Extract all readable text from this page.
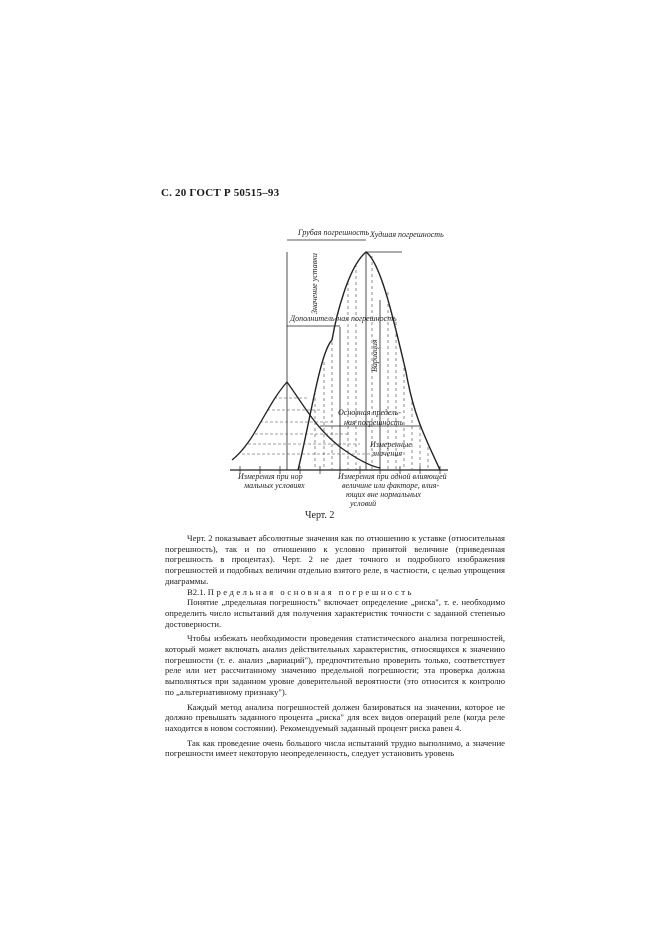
С. 20 ГОСТ Р 50515–93
Грубая погрешность Худшая погрешность
Значение уставки
Дополнитель-ная погрешность
Вариация
Основная предель-
ная погрешность
Измеренные
значения
Измерения при нор
мальных условиях
Измерения при одной влияющей
величине или факторе, влия-
ющих вне нормальных
условий
Черт. 2

Черт. 2 показывает абсолютные значения как по отношению к уставке (относительная погрешность), так и по отношению к условно принятой величине (приведенная погрешность в процентах). Черт. 2 не дает точного и подробного изображения погрешностей и подобных величин отдельно взятого реле, в частности, с целью упрощения диаграммы.

В2.1. Предельная основная погрешность

Понятие „предельная погрешность" включает определение „риска", т. е. необходимо определить число испытаний для получения характеристик точности с заданной степенью достоверности.

Чтобы избежать необходимости проведения статистического анализа погрешностей, который может включать анализ действительных характеристик, относящихся к значению погрешности (т. е. анализ „вариаций"), предпочтительно проверить только, соответствует реле или нет рассчитанному значению предельной погрешности; эта проверка должна выполняться при заданном уровне доверительной вероятности (это относится к контролю по „альтернативному признаку").

Каждый метод анализа погрешностей должен базироваться на значении, которое не должно превышать заданного процента „риска" для всех видов операций реле (когда реле находится в новом состоянии). Рекомендуемый заданный процент риска равен 4.

Так как проведение очень большого числа испытаний трудно выполнимо, а значение погрешности имеет некоторую неопределенность, следует установить уровень
